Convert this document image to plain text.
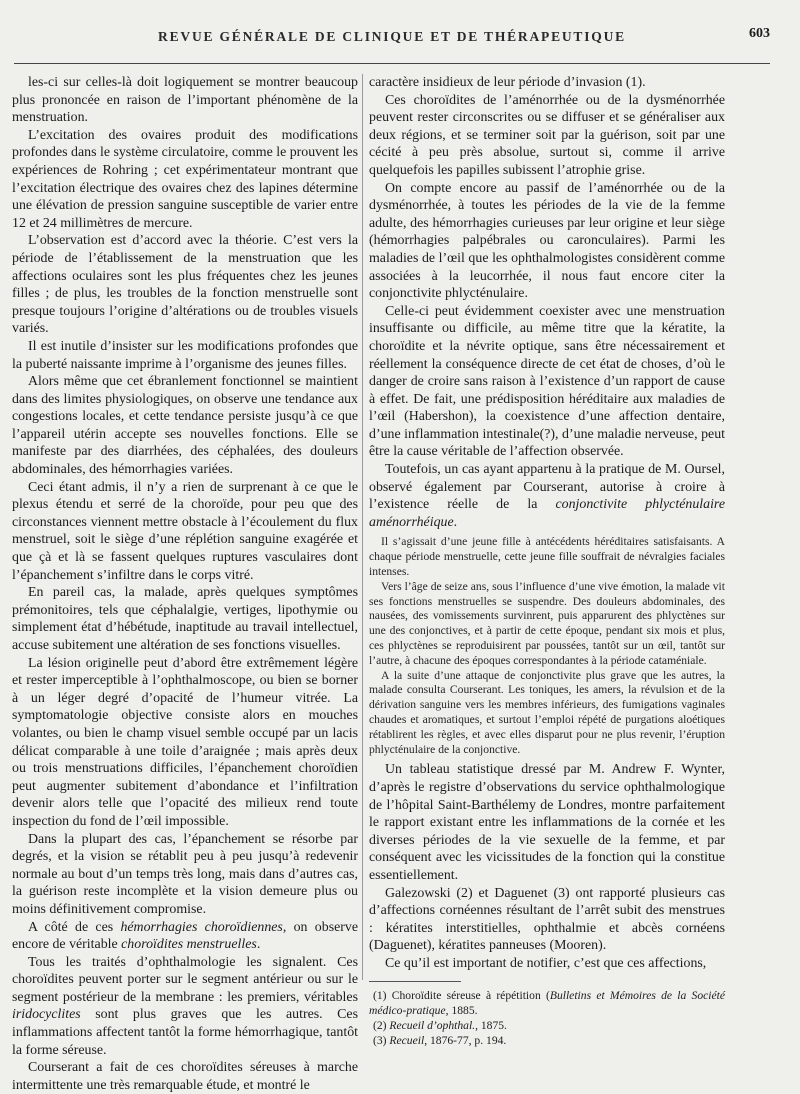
REVUE GÉNÉRALE DE CLINIQUE ET DE THÉRAPEUTIQUE	603

les-ci sur celles-là doit logiquement se montrer beaucoup plus prononcée en raison de l’important phénomène de la menstruation.

L’excitation des ovaires produit des modifications profondes dans le système circulatoire, comme le prouvent les expériences de Rohring ; cet expérimentateur montrant que l’excitation électrique des ovaires chez des lapines détermine une élévation de pression sanguine susceptible de varier entre 12 et 24 millimètres de mercure.

L’observation est d’accord avec la théorie. C’est vers la période de l’établissement de la menstruation que les affections oculaires sont les plus fréquentes chez les jeunes filles ; de plus, les troubles de la fonction menstruelle sont presque toujours l’origine d’altérations ou de troubles visuels variés.

Il est inutile d’insister sur les modifications profondes que la puberté naissante imprime à l’organisme des jeunes filles.

Alors même que cet ébranlement fonctionnel se maintient dans des limites physiologiques, on observe une tendance aux congestions locales, et cette tendance persiste jusqu’à ce que l’appareil utérin accepte ses nouvelles fonctions. Elle se manifeste par des diarrhées, des céphalées, des douleurs abdominales, des hémorrhagies variées.

Ceci étant admis, il n’y a rien de surprenant à ce que le plexus étendu et serré de la choroïde, pour peu que des circonstances viennent mettre obstacle à l’écoulement du flux menstruel, soit le siège d’une réplétion sanguine exagérée et que çà et là se fassent quelques ruptures vasculaires dont l’épanchement s’infiltre dans le corps vitré.

En pareil cas, la malade, après quelques symptômes prémonitoires, tels que céphalalgie, vertiges, lipothymie ou simplement état d’hébétude, inaptitude au travail intellectuel, accuse subitement une altération de ses fonctions visuelles.

La lésion originelle peut d’abord être extrêmement légère et rester imperceptible à l’ophthalmoscope, ou bien se borner à un léger degré d’opacité de l’humeur vitrée. La symptomatologie objective consiste alors en mouches volantes, ou bien le champ visuel semble occupé par un lacis délicat comparable à une toile d’araignée ; mais après deux ou trois menstruations difficiles, l’épanchement choroïdien peut augmenter subitement d’abondance et l’infiltration devenir alors telle que l’opacité des milieux rend toute inspection du fond de l’œil impossible.

Dans la plupart des cas, l’épanchement se résorbe par degrés, et la vision se rétablit peu à peu jusqu’à redevenir normale au bout d’un temps très long, mais dans d’autres cas, la guérison reste incomplète et la vision demeure plus ou moins définitivement compromise.

A côté de ces hémorrhagies choroïdiennes, on observe encore de véritable choroïdites menstruelles.

Tous les traités d’ophthalmologie les signalent. Ces choroïdites peuvent porter sur le segment antérieur ou sur le segment postérieur de la membrane : les premiers, véritables iridocyclites sont plus graves que les autres. Ces inflammations affectent tantôt la forme hémorrhagique, tantôt la forme séreuse.

Courserant a fait de ces choroïdites séreuses à marche intermittente une très remarquable étude, et montré le

caractère insidieux de leur période d’invasion (1).

Ces choroïdites de l’aménorrhée ou de la dysménorrhée peuvent rester circonscrites ou se diffuser et se généraliser aux deux régions, et se terminer soit par la guérison, soit par une cécité à peu près absolue, surtout si, comme il arrive quelquefois les papilles subissent l’atrophie grise.

On compte encore au passif de l’aménorrhée ou de la dysménorrhée, à toutes les périodes de la vie de la femme adulte, des hémorrhagies curieuses par leur origine et leur siège (hémorrhagies palpébrales ou caronculaires). Parmi les maladies de l’œil que les ophthalmologistes considèrent comme associées à la leucorrhée, il nous faut encore citer la conjonctivite phlycténulaire.

Celle-ci peut évidemment coexister avec une menstruation insuffisante ou difficile, au même titre que la kératite, la choroïdite et la névrite optique, sans être nécessairement et réellement la conséquence directe de cet état de choses, d’où le danger de croire sans raison à l’existence d’un rapport de cause à effet. De fait, une prédisposition héréditaire aux maladies de l’œil (Habershon), la coexistence d’une affection dentaire, d’une inflammation intestinale(?), d’une maladie nerveuse, peut être la cause véritable de l’affection observée.

Toutefois, un cas ayant appartenu à la pratique de M. Oursel, observé également par Courserant, autorise à croire à l’existence réelle de la conjonctivite phlycténulaire aménorrhéique.

Il s’agissait d’une jeune fille à antécédents héréditaires satisfaisants. A chaque période menstruelle, cette jeune fille souffrait de névralgies faciales intenses.

Vers l’âge de seize ans, sous l’influence d’une vive émotion, la malade vit ses fonctions menstruelles se suspendre. Des douleurs abdominales, des nausées, des vomissements survinrent, puis apparurent des phlyctènes sur une des conjonctives, et à partir de cette époque, pendant six mois et plus, ces phlyctènes se reproduisirent par poussées, tantôt sur un œil, tantôt sur l’autre, à chacune des époques correspondantes à la période cataméniale.

A la suite d’une attaque de conjonctivite plus grave que les autres, la malade consulta Courserant. Les toniques, les amers, la révulsion et de la dérivation sanguine vers les membres inférieurs, des fumigations vaginales chaudes et aromatiques, et surtout l’emploi répété de purgations aloétiques rétablirent les règles, et avec elles disparut pour ne plus revenir, l’éruption phlycténulaire de la conjonctive.

Un tableau statistique dressé par M. Andrew F. Wynter, d’après le registre d’observations du service ophthalmologique de l’hôpital Saint-Barthélemy de Londres, montre parfaitement le rapport existant entre les inflammations de la cornée et les diverses périodes de la vie sexuelle de la femme, et par conséquent avec les vicissitudes de la fonction qui la constitue essentiellement.

Galezowski (2) et Daguenet (3) ont rapporté plusieurs cas d’affections cornéennes résultant de l’arrêt subit des menstrues : kératites interstitielles, ophthalmie et abcès cornéens (Daguenet), kératites panneuses (Mooren).

Ce qu’il est important de notifier, c’est que ces affections,

(1) Choroïdite séreuse à répétition (Bulletins et Mémoires de la Société médico-pratique, 1885.

(2) Recueil d’ophthal., 1875.

(3) Recueil, 1876-77, p. 194.
